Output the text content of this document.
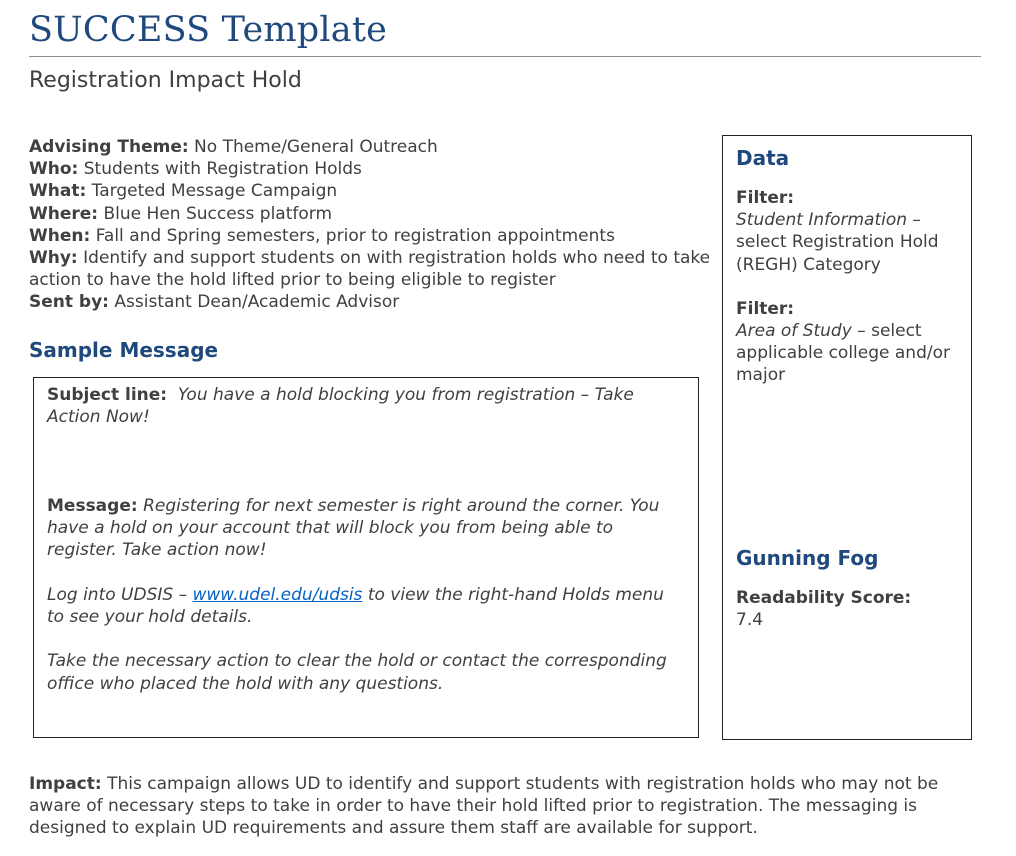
SUCCESS Template
Registration Impact Hold

Advising Theme: No Theme/General Outreach

Who: Students with Registration Holds

What: Targeted Message Campaign

Where: Blue Hen Success platform

When: Fall and Spring semesters, prior to registration appointments

Why: Identify and support students on with registration holds who need to take action to have the hold lifted prior to being eligible to register

Sent by: Assistant Dean/Academic Advisor

Sample Message

Subject line: You have a hold blocking you from registration – Take Action Now!

Message: Registering for next semester is right around the corner. You have a hold on your account that will block you from being able to register. Take action now!

Log into UDSIS – www.udel.edu/udsis to view the right-hand Holds menu to see your hold details.

Take the necessary action to clear the hold or contact the corresponding office who placed the hold with any questions.

Data

Filter:

Student Information – select Registration Hold (REGH) Category

Filter:

Area of Study – select applicable college and/or major

Gunning Fog

Readability Score:

7.4

Impact: This campaign allows UD to identify and support students with registration holds who may not be aware of necessary steps to take in order to have their hold lifted prior to registration. The messaging is designed to explain UD requirements and assure them staff are available for support.
